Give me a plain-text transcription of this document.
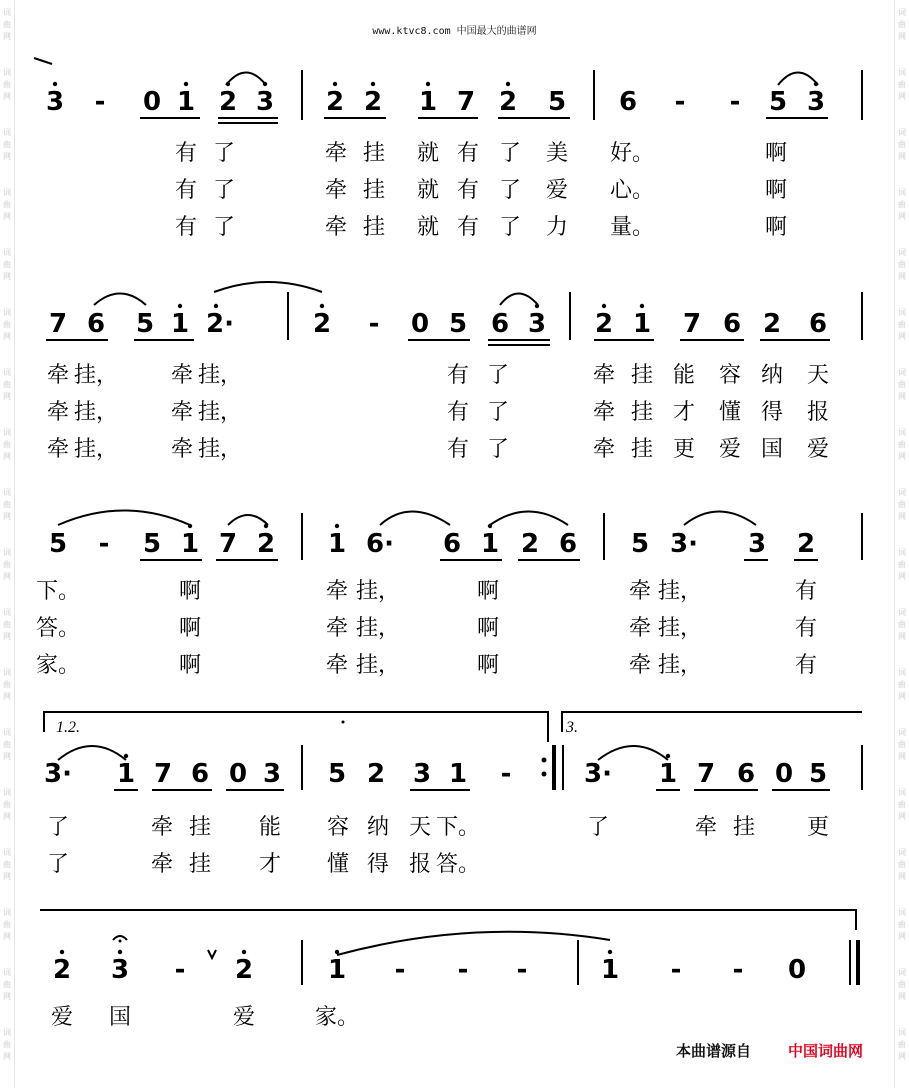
www.ktvc8.com 中国最大的曲谱网
3 - 0 1 2 3 2 2 1 7 2 5 6 - - 5 3
7 6 5 1 2·	2 - 0 5 6 3 2 1 7 6 2 6
5 - 5 1 7 2 1 6· 6 1 2 6 5 3· 3 2
3· 1 7 6 0 3 5 2 3 1 -	3· 1 7 6 0 5
2 3 - 2	1 - - -	1 - - 0
有 了	牵 挂 就 有 了 美 好。	啊
有 了	牵 挂 就 有 了 爱 心。	啊
有 了	牵 挂 就 有 了 力 量。	啊
牵 挂， 牵 挂，	有 了	牵 挂 能 容 纳 天
牵 挂， 牵 挂，	有 了	牵 挂 才 懂 得 报
牵 挂， 牵 挂，	有 了	牵 挂 更 爱 国 爱
下。	啊	牵 挂，	啊	牵 挂，	有
答。	啊	牵 挂，	啊	牵 挂，	有
家。	啊	牵 挂，	啊	牵 挂，	有
了	牵 挂 能 容 纳 天 下。	了	牵 挂 更
了	牵 挂 才 懂 得 报 答。
爱 国	爱	家。
1.2.	3.
本曲谱源自 中国词曲网
词
曲
网
词
曲
网
词
曲
网
词
曲
网
词
曲
网
词
曲
网
词
曲
网
词
曲
网
词
曲
网
词
曲
网
词
曲
网
词
曲
网
词
曲
网
词
曲
网
词
曲
网
词
曲
网
词
曲
网
词
曲
网
词
曲
网
词
曲
网
词
曲
网
词
曲
网
词
曲
网
词
曲
网
词
曲
网
词
曲
网
词
曲
网
词
曲
网
词
曲
网
词
曲
网
词
曲
网
词
曲
网
词
曲
网
词
曲
网
词
曲
网
词
曲
网
